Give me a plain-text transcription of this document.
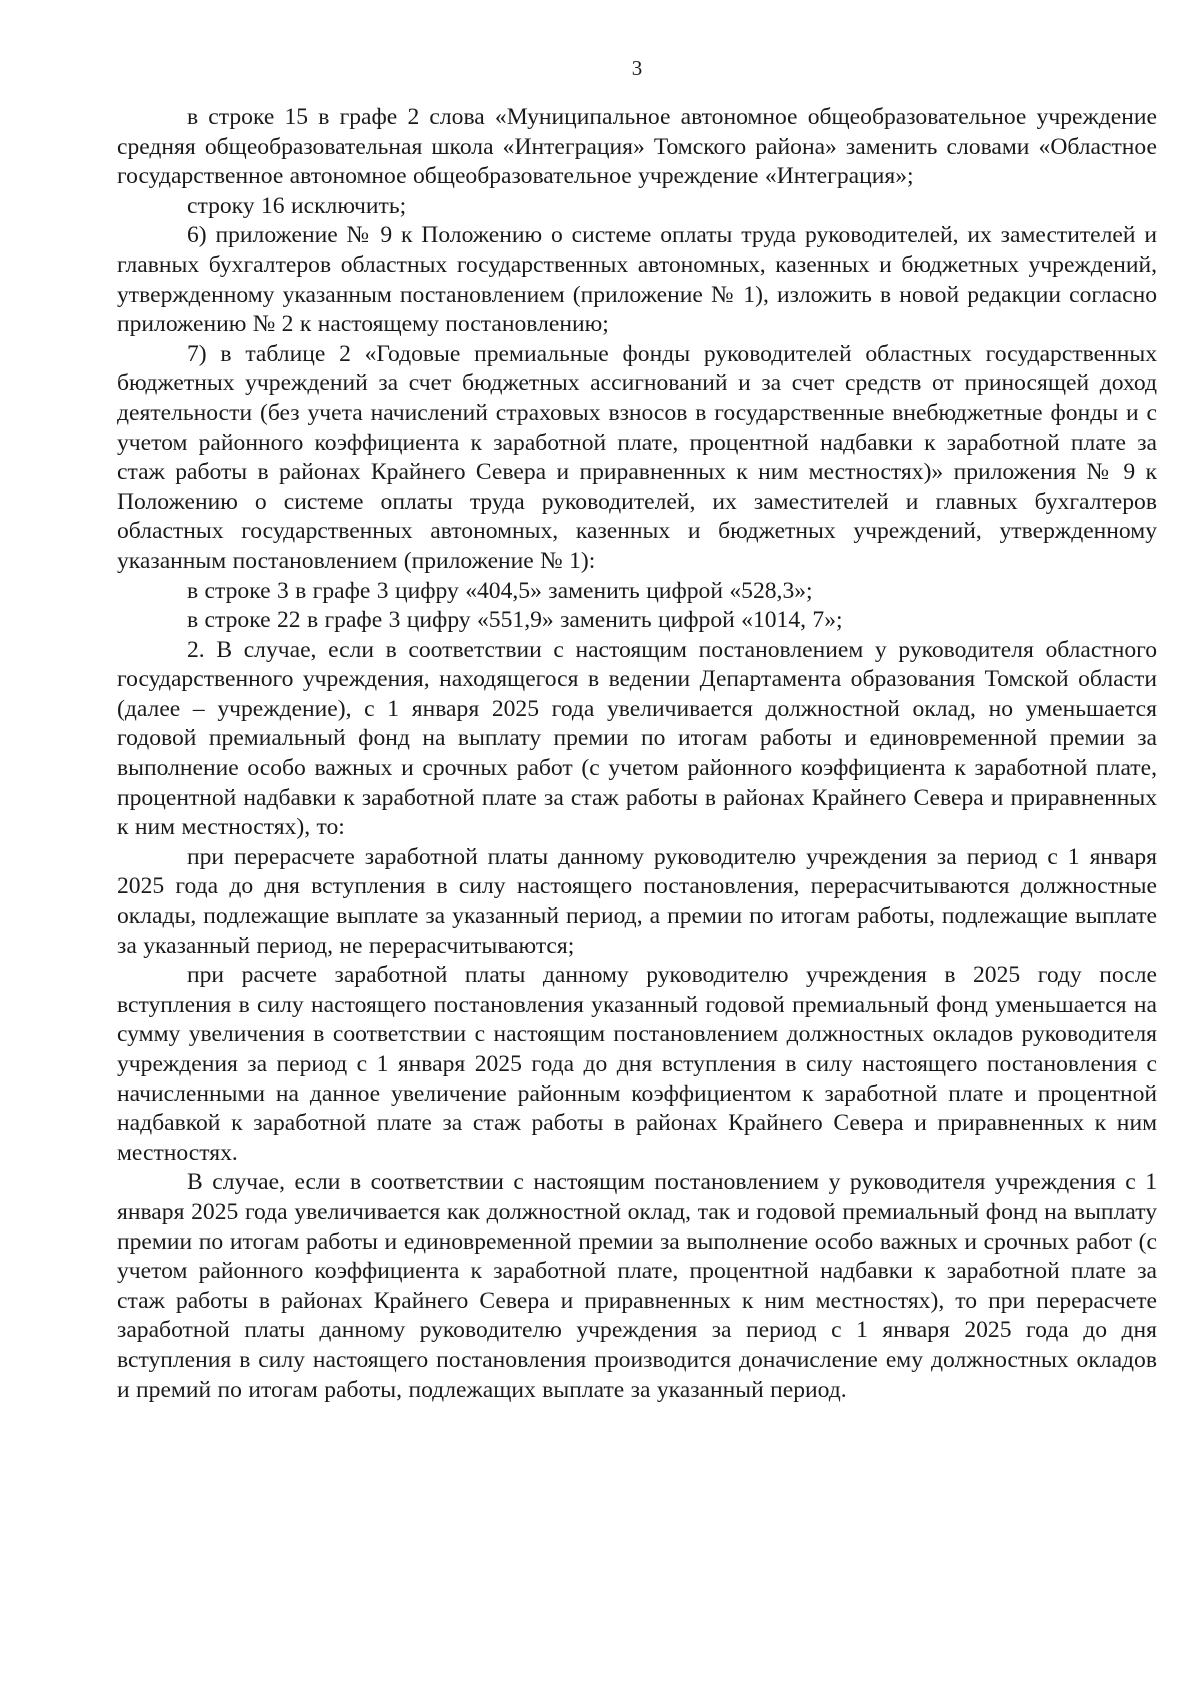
3

в строке 15 в графе 2 слова «Муниципальное автономное общеобразовательное учреждение средняя общеобразовательная школа «Интеграция» Томского района» заменить словами «Областное государственное автономное общеобразовательное учреждение «Интеграция»;

строку 16 исключить;

6) приложение № 9 к Положению о системе оплаты труда руководителей, их заместителей и главных бухгалтеров областных государственных автономных, казенных и бюджетных учреждений, утвержденному указанным постановлением (приложение № 1), изложить в новой редакции согласно приложению № 2 к настоящему постановлению;

7) в таблице 2 «Годовые премиальные фонды руководителей областных государственных бюджетных учреждений за счет бюджетных ассигнований и за счет средств от приносящей доход деятельности (без учета начислений страховых взносов в государственные внебюджетные фонды и с учетом районного коэффициента к заработной плате, процентной надбавки к заработной плате за стаж работы в районах Крайнего Севера и приравненных к ним местностях)» приложения № 9 к Положению о системе оплаты труда руководителей, их заместителей и главных бухгалтеров областных государственных автономных, казенных и бюджетных учреждений, утвержденному указанным постановлением (приложение № 1):

в строке 3 в графе 3 цифру «404,5» заменить цифрой «528,3»;

в строке 22 в графе 3 цифру «551,9» заменить цифрой «1014, 7»;

2. В случае, если в соответствии с настоящим постановлением у руководителя областного государственного учреждения, находящегося в ведении Департамента образования Томской области (далее – учреждение), с 1 января 2025 года увеличивается должностной оклад, но уменьшается годовой премиальный фонд на выплату премии по итогам работы и единовременной премии за выполнение особо важных и срочных работ (с учетом районного коэффициента к заработной плате, процентной надбавки к заработной плате за стаж работы в районах Крайнего Севера и приравненных к ним местностях), то:

при перерасчете заработной платы данному руководителю учреждения за период с 1 января 2025 года до дня вступления в силу настоящего постановления, перерасчитываются должностные оклады, подлежащие выплате за указанный период, а премии по итогам работы, подлежащие выплате за указанный период, не перерасчитываются;

при расчете заработной платы данному руководителю учреждения в 2025 году после вступления в силу настоящего постановления указанный годовой премиальный фонд уменьшается на сумму увеличения в соответствии с настоящим постановлением должностных окладов руководителя учреждения за период с 1 января 2025 года до дня вступления в силу настоящего постановления с начисленными на данное увеличение районным коэффициентом к заработной плате и процентной надбавкой к заработной плате за стаж работы в районах Крайнего Севера и приравненных к ним местностях.

В случае, если в соответствии с настоящим постановлением у руководителя учреждения с 1 января 2025 года увеличивается как должностной оклад, так и годовой премиальный фонд на выплату премии по итогам работы и единовременной премии за выполнение особо важных и срочных работ (с учетом районного коэффициента к заработной плате, процентной надбавки к заработной плате за стаж работы в районах Крайнего Севера и приравненных к ним местностях), то при перерасчете заработной платы данному руководителю учреждения за период с 1 января 2025 года до дня вступления в силу настоящего постановления производится доначисление ему должностных окладов и премий по итогам работы, подлежащих выплате за указанный период.
